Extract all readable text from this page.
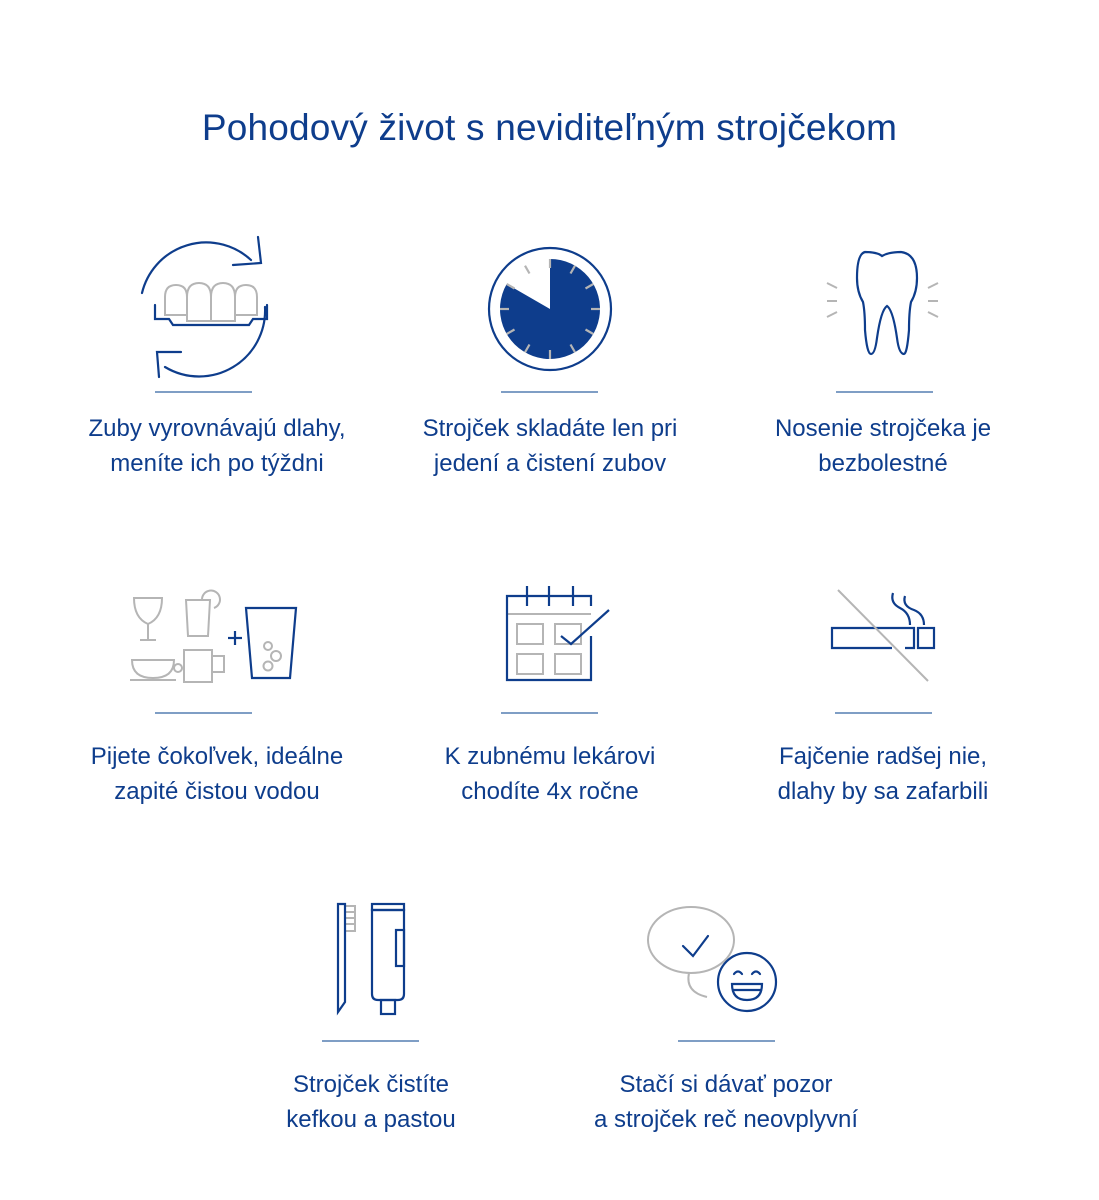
Pohodový život s neviditeľným strojčekom
Zuby vyrovnávajú dlahy,
meníte ich po týždni
Strojček skladáte len pri
jedení a čistení zubov
Nosenie strojčeka je
bezbolestné
Pijete čokoľvek, ideálne
zapité čistou vodou
K zubnému lekárovi
chodíte 4x ročne
Fajčenie radšej nie,
dlahy by sa zafarbili
Strojček čistíte
kefkou a pastou
Stačí si dávať pozor
a strojček reč neovplyvní
